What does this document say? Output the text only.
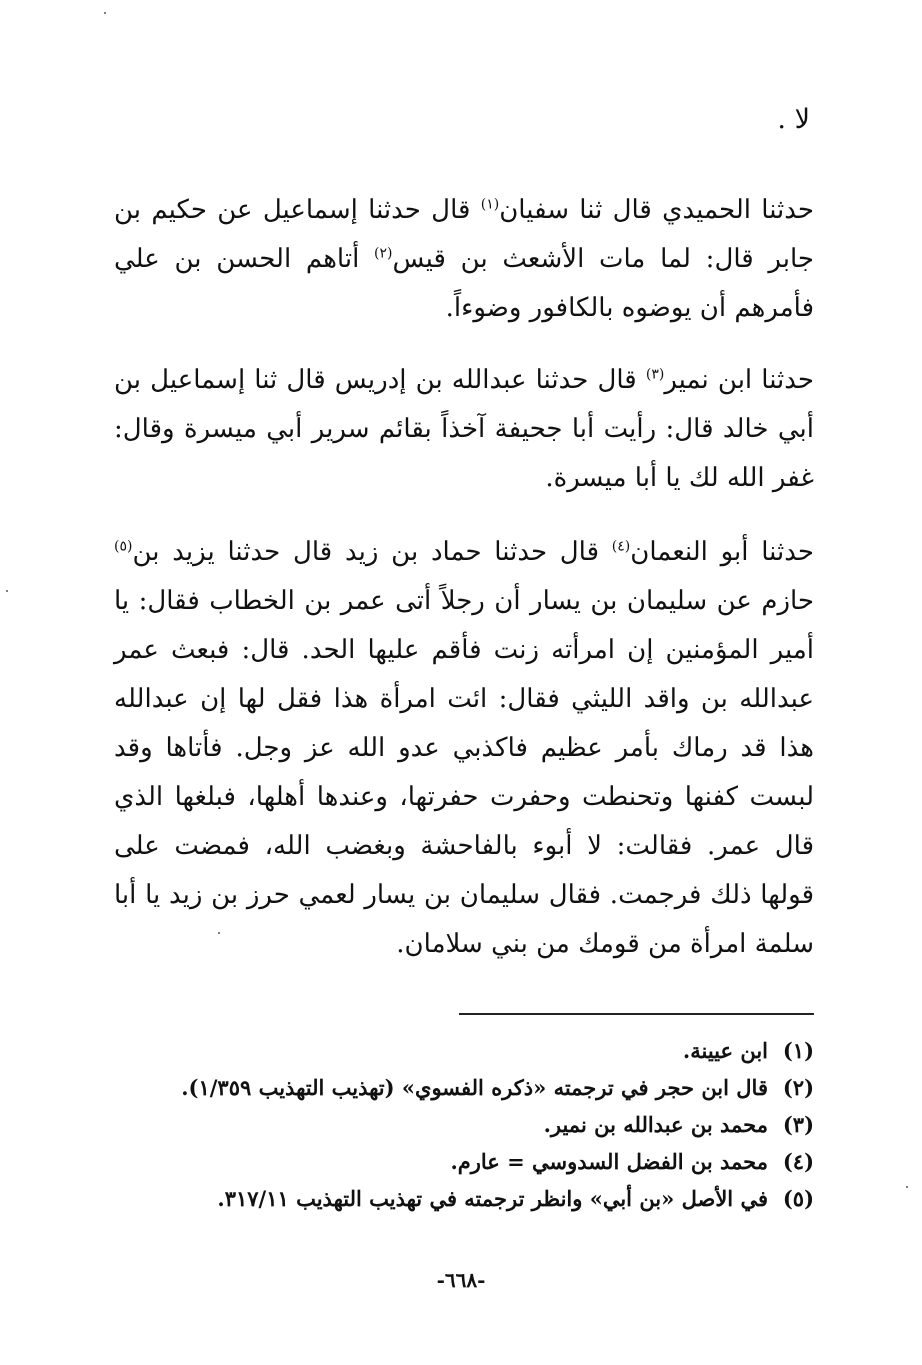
لا .
حدثنا الحميدي قال ثنا سفيان$^{(١)}$ قال حدثنا إسماعيل عن حكيم بن جابر قال: لما مات الأشعث بن قيس$^{(٢)}$ أتاهم الحسن بن علي فأمرهم أن يوضوه بالكافور وضوءاً.
حدثنا ابن نمير$^{(٣)}$ قال حدثنا عبدالله بن إدريس قال ثنا إسماعيل بن أبي خالد قال: رأيت أبا جحيفة آخذاً بقائم سرير أبي ميسرة وقال: غفر الله لك يا أبا ميسرة.
حدثنا أبو النعمان$^{(٤)}$ قال حدثنا حماد بن زيد قال حدثنا يزيد بن$^{(٥)}$ حازم عن سليمان بن يسار أن رجلاً أتى عمر بن الخطاب فقال: يا أمير المؤمنين إن امرأته زنت فأقم عليها الحد. قال: فبعث عمر عبدالله بن واقد الليثي فقال: ائت امرأة هذا فقل لها إن عبدالله هذا قد رماك بأمر عظيم فاكذبي عدو الله عز وجل. فأتاها وقد لبست كفنها وتحنطت وحفرت حفرتها، وعندها أهلها، فبلغها الذي قال عمر. فقالت: لا أبوء بالفاحشة وبغضب الله، فمضت على قولها ذلك فرجمت. فقال سليمان بن يسار لعمي حرز بن زيد يا أبا سلمة امرأة من قومك من بني سلامان.
(١)
ابن عيينة.
(٢)
قال ابن حجر في ترجمته «ذكره الفسوي» (تهذيب التهذيب ١/٣٥٩).
(٣)
محمد بن عبدالله بن نمير.
(٤)
محمد بن الفضل السدوسي = عارم.
(٥)
في الأصل «بن أبي» وانظر ترجمته في تهذيب التهذيب ٣١٧/١١.
-٦٦٨-
